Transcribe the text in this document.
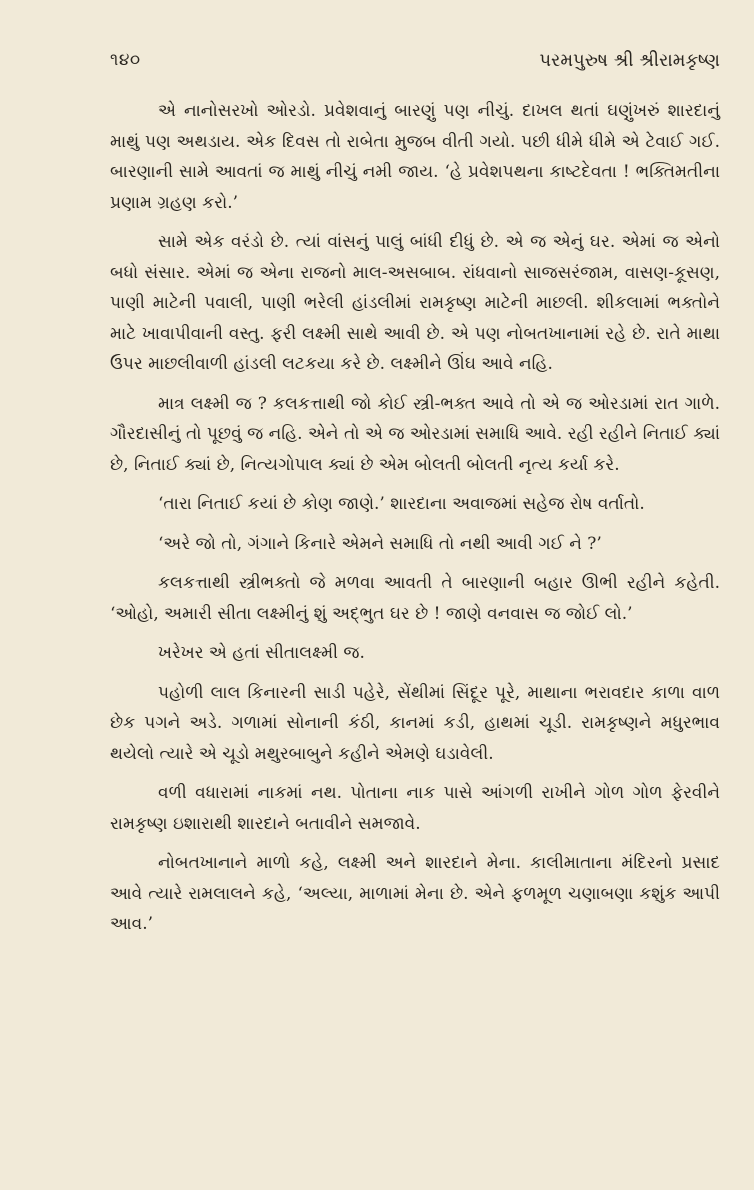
૧૪૦	પરમપુરુષ શ્રી શ્રીરામકૃષ્ણ

એ નાનોસરખો ઓરડો. પ્રવેશવાનું બારણું પણ નીચું. દાખલ થતાં ઘણુંખરું શારદાનું માથું પણ અથડાય. એક દિવસ તો રાબેતા મુજબ વીતી ગયો. પછી ધીમે ધીમે એ ટેવાઈ ગઈ. બારણાની સામે આવતાં જ માથું નીચું નમી જાય. ‘હે પ્રવેશપથના કાષ્ટદેવતા ! ભક્તિમતીના પ્રણામ ગ્રહણ કરો.’

સામે એક વરંડો છે. ત્યાં વાંસનું પાલું બાંધી દીધું છે. એ જ એનું ઘર. એમાં જ એનો બધો સંસાર. એમાં જ એના રાજનો માલ-અસબાબ. રાંધવાનો સાજસરંજામ, વાસણ-કૂસણ, પાણી માટેની પવાલી, પાણી ભરેલી હાંડલીમાં રામકૃષ્ણ માટેની માછલી. શીકલામાં ભક્તોને માટે ખાવાપીવાની વસ્તુ. ફરી લક્ષ્મી સાથે આવી છે. એ પણ નોબતખાનામાં રહે છે. રાતે માથા ઉપર માછલીવાળી હાંડલી લટકયા કરે છે. લક્ષ્મીને ઊંઘ આવે નહિ.

માત્ર લક્ષ્મી જ ? કલકત્તાથી જો કોઈ સ્ત્રી-ભક્ત આવે તો એ જ ઓરડામાં રાત ગાળે. ગૌરદાસીનું તો પૂછવું જ નહિ. એને તો એ જ ઓરડામાં સમાધિ આવે. રહી રહીને નિતાઈ ક્યાં છે, નિતાઈ ક્યાં છે, નિત્યગોપાલ ક્યાં છે એમ બોલતી બોલતી નૃત્ય કર્યા કરે.

‘તારા નિતાઈ કયાં છે કોણ જાણે.’ શારદાના અવાજમાં સહેજ રોષ વર્તાતો.

‘અરે જો તો, ગંગાને કિનારે એમને સમાધિ તો નથી આવી ગઈ ને ?’

કલકત્તાથી સ્ત્રીભક્તો જે મળવા આવતી તે બારણાની બહાર ઊભી રહીને કહેતી. ‘ઓહો, અમારી સીતા લક્ષ્મીનું શું અદ્ભુત ઘર છે ! જાણે વનવાસ જ જોઈ લો.’

ખરેખર એ હતાં સીતાલક્ષ્મી જ.

પહોળી લાલ કિનારની સાડી પહેરે, સેંથીમાં સિંદૂર પૂરે, માથાના ભરાવદાર કાળા વાળ છેક પગને અડે. ગળામાં સોનાની કંઠી, કાનમાં કડી, હાથમાં ચૂડી. રામકૃષ્ણને મધુરભાવ થયેલો ત્યારે એ ચૂડો મથુરબાબુને કહીને એમણે ઘડાવેલી.

વળી વધારામાં નાકમાં નથ. પોતાના નાક પાસે આંગળી રાખીને ગોળ ગોળ ફેરવીને રામકૃષ્ણ ઇશારાથી શારદાને બતાવીને સમજાવે.

નોબતખાનાને માળો કહે, લક્ષ્મી અને શારદાને મેના. કાલીમાતાના મંદિરનો પ્રસાદ આવે ત્યારે રામલાલને કહે, ‘અલ્યા, માળામાં મેના છે. એને ફળમૂળ ચણાબણા કશુંક આપી આવ.’
